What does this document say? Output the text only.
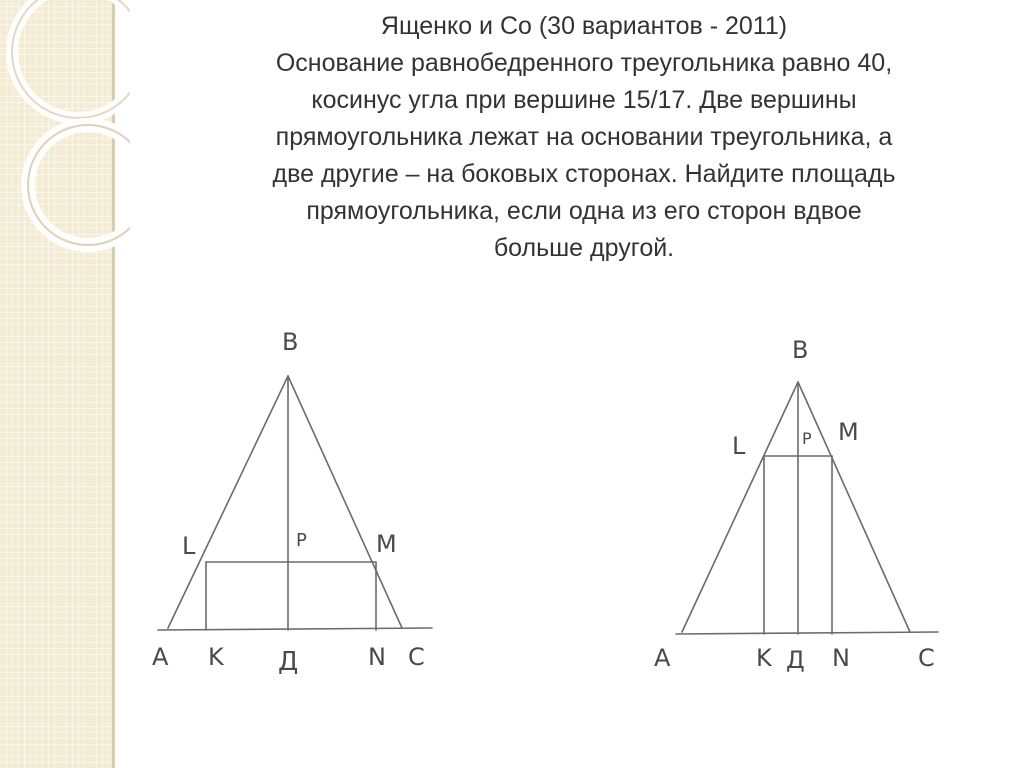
Ященко и Со (30 вариантов - 2011)
Основание равнобедренного треугольника равно 40,
косинус угла при вершине 15/17. Две вершины
прямоугольника лежат на основании треугольника, а
две другие – на боковых сторонах. Найдите площадь
прямоугольника, если одна из его сторон вдвое
больше другой.
B
A K Д	N C
L	M
P
B
A	K Д N	C
L	M
P
